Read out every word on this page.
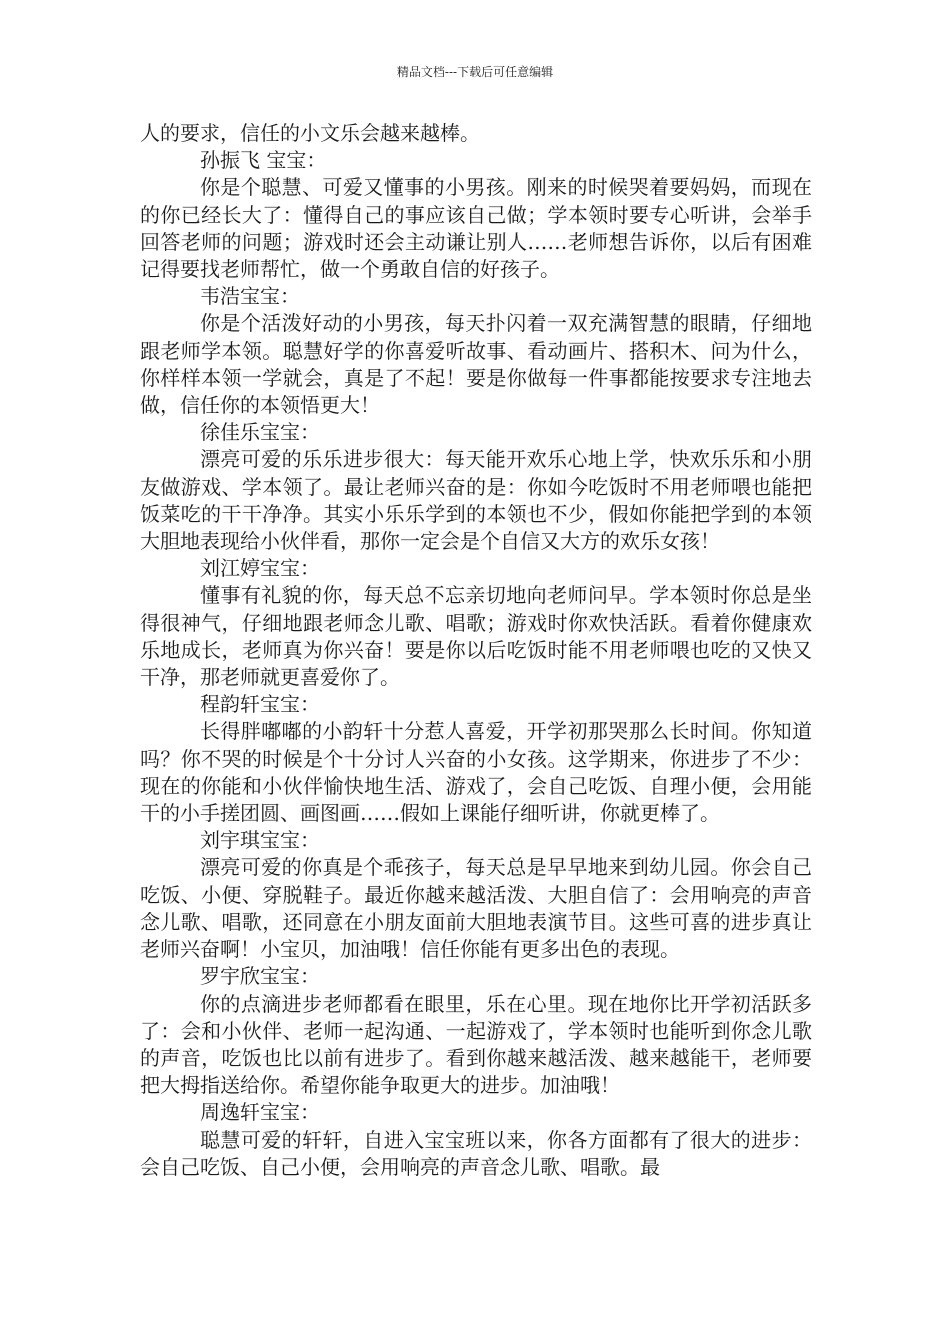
精品文档---下载后可任意编辑

人的要求，信任的小文乐会越来越棒。

孙振飞 宝宝：

你是个聪慧、可爱又懂事的小男孩。刚来的时候哭着要妈妈，而现在的你已经长大了：懂得自己的事应该自己做；学本领时要专心听讲，会举手回答老师的问题；游戏时还会主动谦让别人……老师想告诉你，以后有困难记得要找老师帮忙，做一个勇敢自信的好孩子。

韦浩宝宝：

你是个活泼好动的小男孩，每天扑闪着一双充满智慧的眼睛，仔细地跟老师学本领。聪慧好学的你喜爱听故事、看动画片、搭积木、问为什么，你样样本领一学就会，真是了不起！要是你做每一件事都能按要求专注地去做，信任你的本领悟更大！

徐佳乐宝宝：

漂亮可爱的乐乐进步很大：每天能开欢乐心地上学，快欢乐乐和小朋友做游戏、学本领了。最让老师兴奋的是：你如今吃饭时不用老师喂也能把饭菜吃的干干净净。其实小乐乐学到的本领也不少，假如你能把学到的本领大胆地表现给小伙伴看，那你一定会是个自信又大方的欢乐女孩！

刘江婷宝宝：

懂事有礼貌的你，每天总不忘亲切地向老师问早。学本领时你总是坐得很神气，仔细地跟老师念儿歌、唱歌；游戏时你欢快活跃。看着你健康欢乐地成长，老师真为你兴奋！要是你以后吃饭时能不用老师喂也吃的又快又干净，那老师就更喜爱你了。

程韵轩宝宝：

长得胖嘟嘟的小韵轩十分惹人喜爱，开学初那哭那么长时间。你知道吗？你不哭的时候是个十分讨人兴奋的小女孩。这学期来，你进步了不少：现在的你能和小伙伴愉快地生活、游戏了，会自己吃饭、自理小便，会用能干的小手搓团圆、画图画……假如上课能仔细听讲，你就更棒了。

刘宇琪宝宝：

漂亮可爱的你真是个乖孩子，每天总是早早地来到幼儿园。你会自己吃饭、小便、穿脱鞋子。最近你越来越活泼、大胆自信了：会用响亮的声音念儿歌、唱歌，还同意在小朋友面前大胆地表演节目。这些可喜的进步真让老师兴奋啊！小宝贝，加油哦！信任你能有更多出色的表现。

罗宇欣宝宝：

你的点滴进步老师都看在眼里，乐在心里。现在地你比开学初活跃多了：会和小伙伴、老师一起沟通、一起游戏了，学本领时也能听到你念儿歌的声音，吃饭也比以前有进步了。看到你越来越活泼、越来越能干，老师要把大拇指送给你。希望你能争取更大的进步。加油哦！

周逸轩宝宝：

聪慧可爱的轩轩，自进入宝宝班以来，你各方面都有了很大的进步：会自己吃饭、自己小便，会用响亮的声音念儿歌、唱歌。最
